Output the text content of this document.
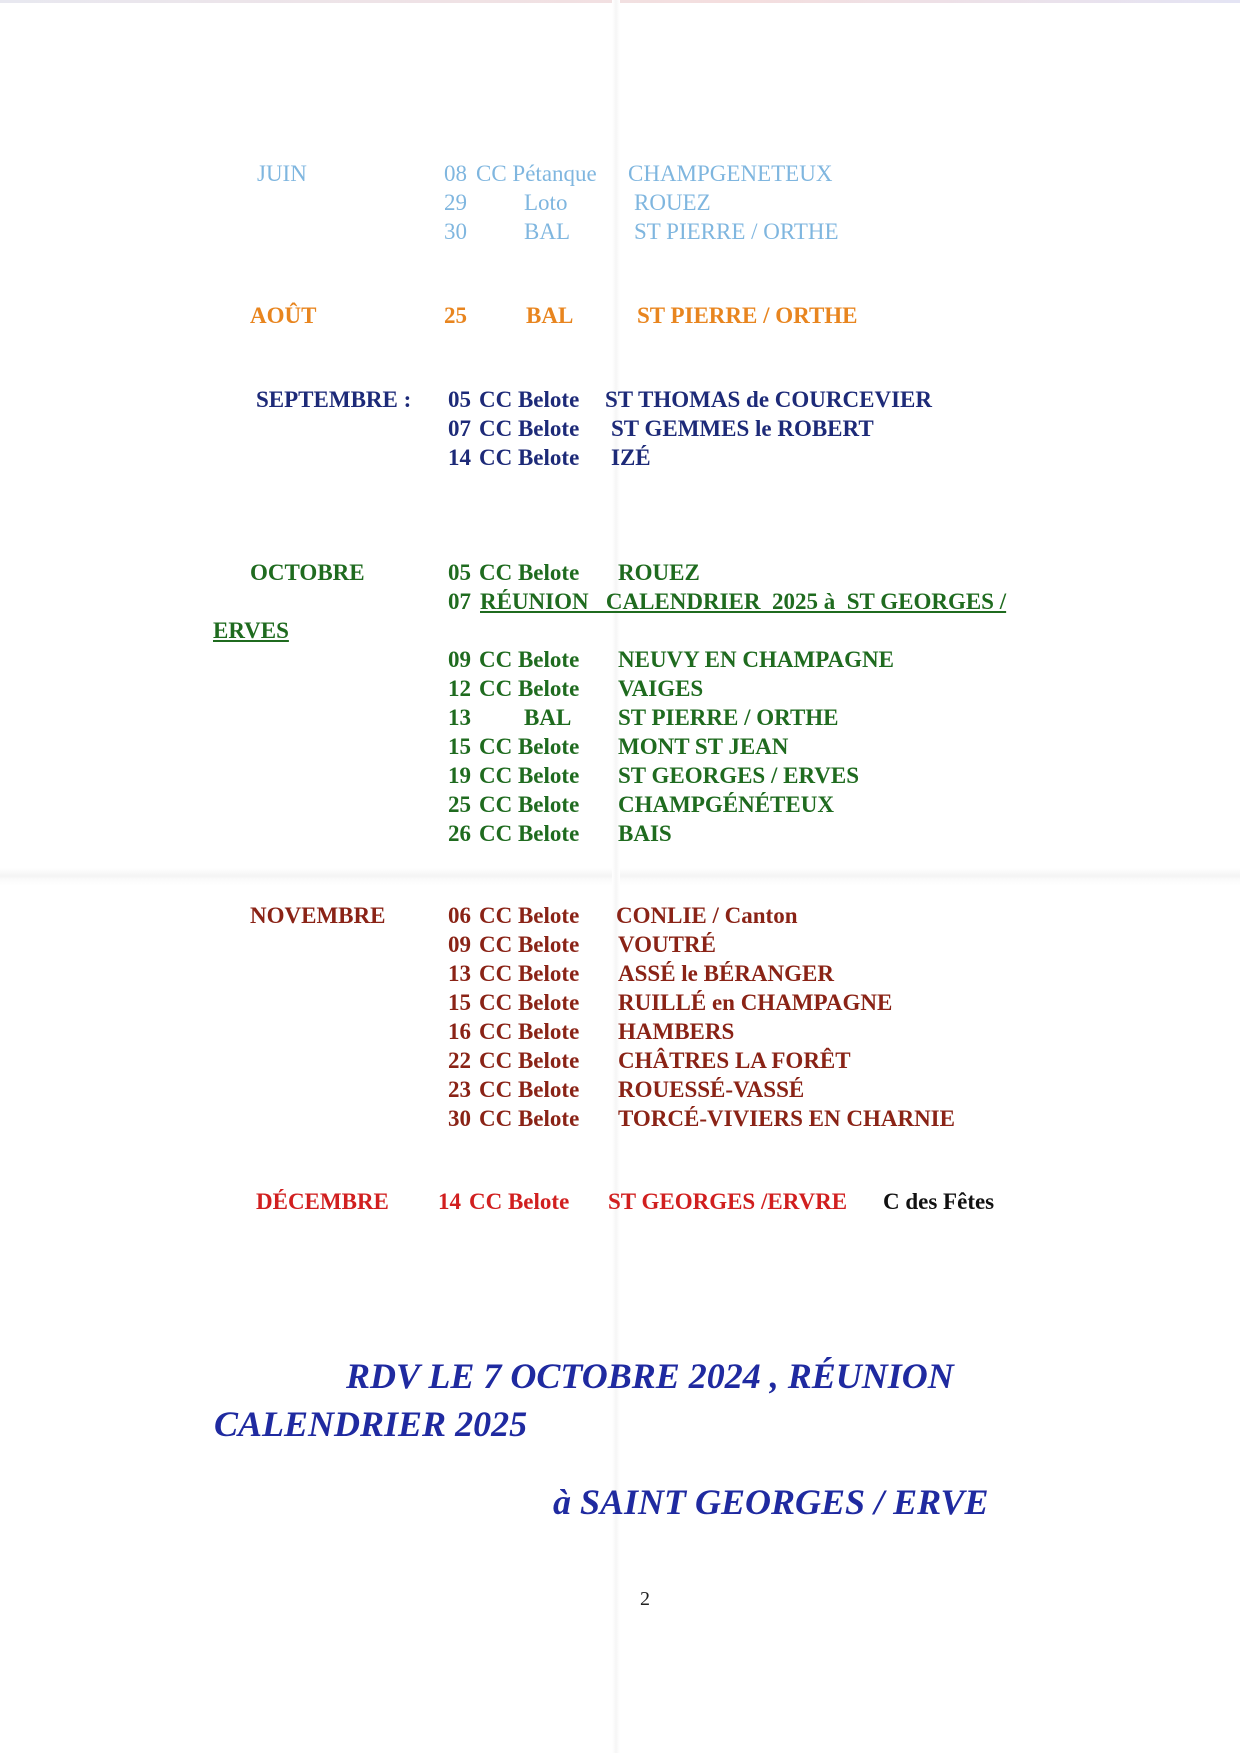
JUIN	08 CC Pétanque CHAMPGENETEUX
29 Loto	ROUEZ
30 BAL	ST PIERRE / ORTHE
AOÛT	25	BAL	ST PIERRE / ORTHE
SEPTEMBRE : 05 CC Belote ST THOMAS de COURCEVIER
07 CC Belote ST GEMMES le ROBERT
14 CC Belote IZÉ
OCTOBRE	05 CC Belote ROUEZ
07 RÉUNION   CALENDRIER  2025 à  ST GEORGES /
ERVES
09 CC Belote NEUVY EN CHAMPAGNE
12 CC Belote VAIGES
13 BAL ST PIERRE / ORTHE
15 CC Belote MONT ST JEAN
19 CC Belote ST GEORGES / ERVES
25 CC Belote CHAMPGÉNÉTEUX
26 CC Belote BAIS
NOVEMBRE	06 CC Belote CONLIE / Canton
09 CC Belote VOUTRÉ
13 CC Belote ASSÉ le BÉRANGER
15 CC Belote RUILLÉ en CHAMPAGNE
16 CC Belote HAMBERS
22 CC Belote CHÂTRES LA FORÊT
23 CC Belote ROUESSÉ-VASSÉ
30 CC Belote TORCÉ-VIVIERS EN CHARNIE
DÉCEMBRE 14 CC Belote ST GEORGES /ERVRE C des Fêtes
RDV LE 7 OCTOBRE 2024 , RÉUNION
CALENDRIER 2025
à SAINT GEORGES / ERVE
2
